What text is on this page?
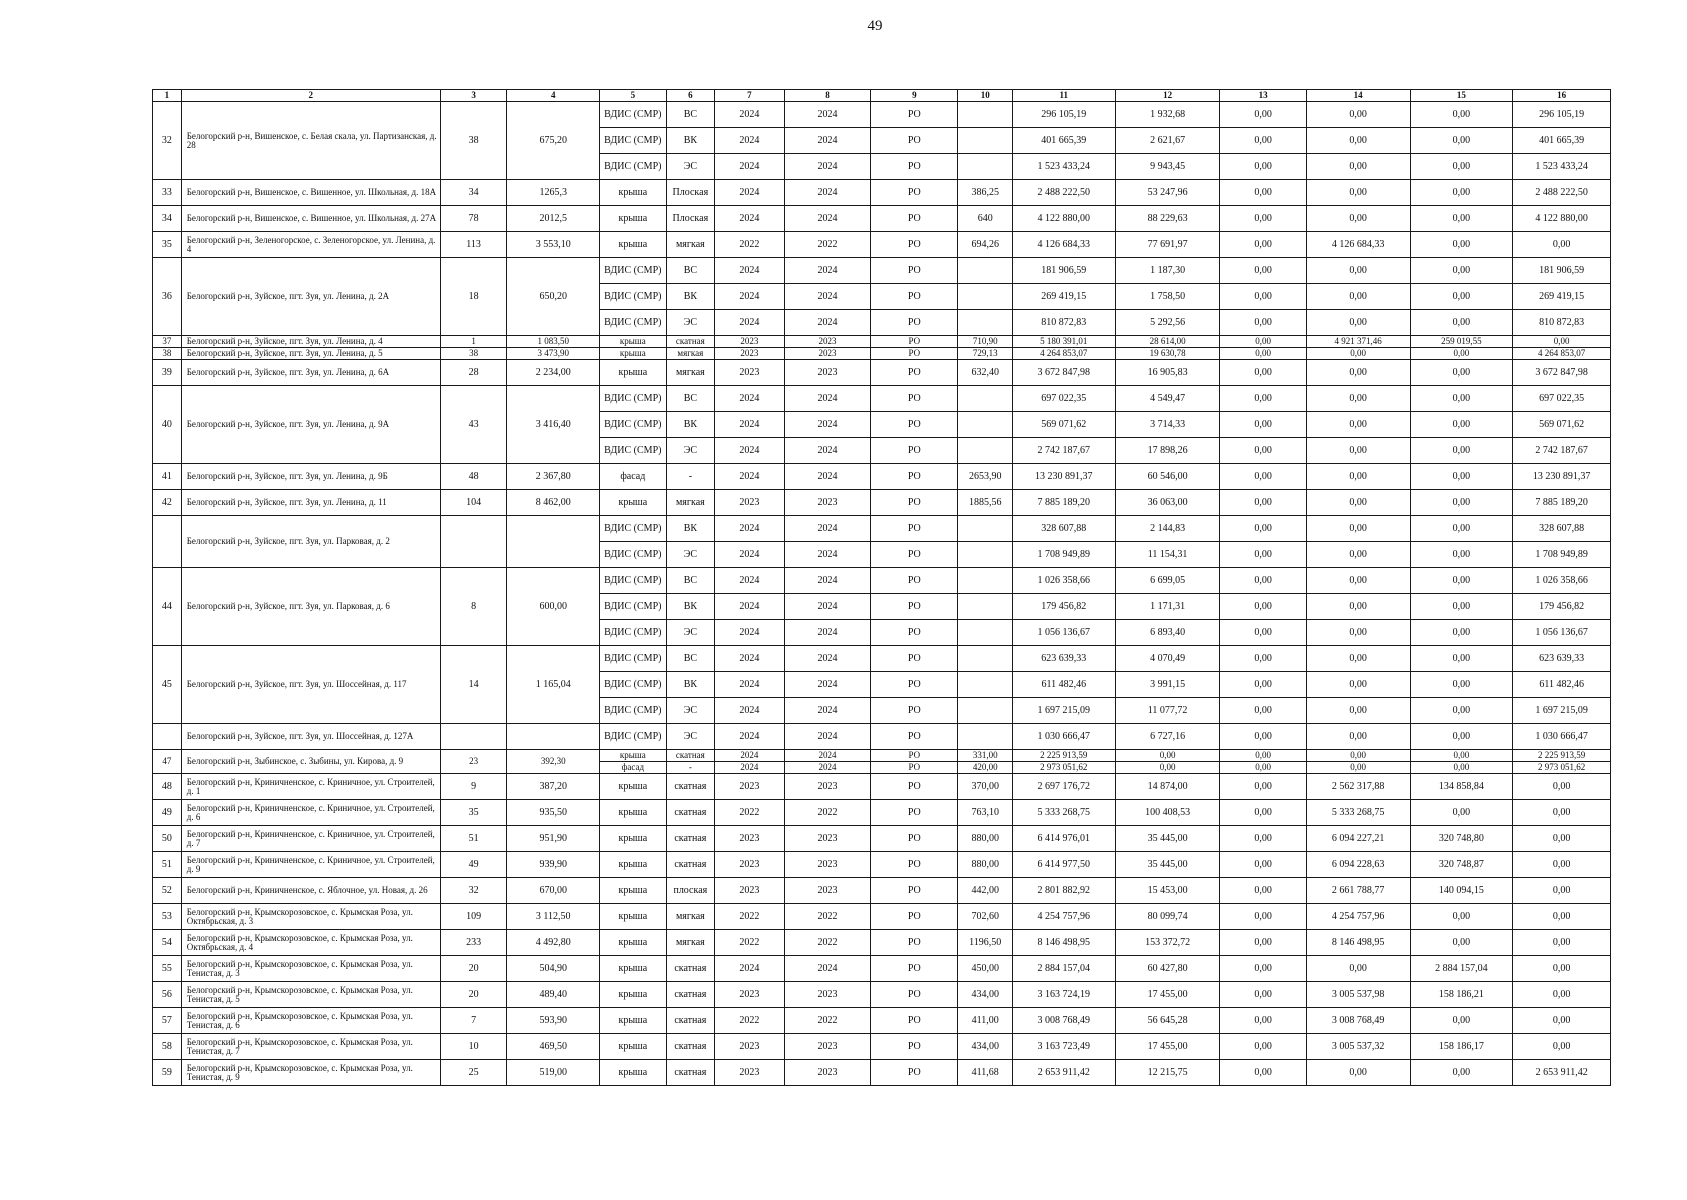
49
1	2	3	4	5	6	7	8	9	10	11	12	13	14	15	16
32	Белогорский р-н, Вишенское, с. Белая скала, ул. Партизанская, д. 28	38	675,20	ВДИС (СМР)	ВС	2024	2024	РО		296 105,19	1 932,68	0,00	0,00	0,00	296 105,19
				ВДИС (СМР)	ВК	2024	2024	РО		401 665,39	2 621,67	0,00	0,00	0,00	401 665,39
				ВДИС (СМР)	ЭС	2024	2024	РО		1 523 433,24	9 943,45	0,00	0,00	0,00	1 523 433,24
33	Белогорский р-н, Вишенское, с. Вишенное, ул. Школьная, д. 18А	34	1265,3	крыша	Плоская	2024	2024	РО	386,25	2 488 222,50	53 247,96	0,00	0,00	0,00	2 488 222,50
34	Белогорский р-н, Вишенское, с. Вишенное, ул. Школьная, д. 27А	78	2012,5	крыша	Плоская	2024	2024	РО	640	4 122 880,00	88 229,63	0,00	0,00	0,00	4 122 880,00
35	Белогорский р-н, Зеленогорское, с. Зеленогорское, ул. Ленина, д. 4	113	3 553,10	крыша	мягкая	2022	2022	РО	694,26	4 126 684,33	77 691,97	0,00	4 126 684,33	0,00	0,00
36	Белогорский р-н, Зуйское, пгт. Зуя, ул. Ленина, д. 2А	18	650,20	ВДИС (СМР)	ВС	2024	2024	РО		181 906,59	1 187,30	0,00	0,00	0,00	181 906,59
				ВДИС (СМР)	ВК	2024	2024	РО		269 419,15	1 758,50	0,00	0,00	0,00	269 419,15
				ВДИС (СМР)	ЭС	2024	2024	РО		810 872,83	5 292,56	0,00	0,00	0,00	810 872,83
37	Белогорский р-н, Зуйское, пгт. Зуя, ул. Ленина, д. 4	1	1 083,50	крыша	скатная	2023	2023	РО	710,90	5 180 391,01	28 614,00	0,00	4 921 371,46	259 019,55	0,00
38	Белогорский р-н, Зуйское, пгт. Зуя, ул. Ленина, д. 5	38	3 473,90	крыша	мягкая	2023	2023	РО	729,13	4 264 853,07	19 630,78	0,00	0,00	0,00	4 264 853,07
39	Белогорский р-н, Зуйское, пгт. Зуя, ул. Ленина, д. 6А	28	2 234,00	крыша	мягкая	2023	2023	РО	632,40	3 672 847,98	16 905,83	0,00	0,00	0,00	3 672 847,98
40	Белогорский р-н, Зуйское, пгт. Зуя, ул. Ленина, д. 9А	43	3 416,40	ВДИС (СМР)	ВС	2024	2024	РО		697 022,35	4 549,47	0,00	0,00	0,00	697 022,35
				ВДИС (СМР)	ВК	2024	2024	РО		569 071,62	3 714,33	0,00	0,00	0,00	569 071,62
				ВДИС (СМР)	ЭС	2024	2024	РО		2 742 187,67	17 898,26	0,00	0,00	0,00	2 742 187,67
41	Белогорский р-н, Зуйское, пгт. Зуя, ул. Ленина, д. 9Б	48	2 367,80	фасад	-	2024	2024	РО	2653,90	13 230 891,37	60 546,00	0,00	0,00	0,00	13 230 891,37
42	Белогорский р-н, Зуйское, пгт. Зуя, ул. Ленина, д. 11	104	8 462,00	крыша	мягкая	2023	2023	РО	1885,56	7 885 189,20	36 063,00	0,00	0,00	0,00	7 885 189,20
	Белогорский р-н, Зуйское, пгт. Зуя, ул. Парковая, д. 2			ВДИС (СМР)	ВК	2024	2024	РО		328 607,88	2 144,83	0,00	0,00	0,00	328 607,88
				ВДИС (СМР)	ЭС	2024	2024	РО		1 708 949,89	11 154,31	0,00	0,00	0,00	1 708 949,89
44	Белогорский р-н, Зуйское, пгт. Зуя, ул. Парковая, д. 6	8	600,00	ВДИС (СМР)	ВС	2024	2024	РО		1 026 358,66	6 699,05	0,00	0,00	0,00	1 026 358,66
				ВДИС (СМР)	ВК	2024	2024	РО		179 456,82	1 171,31	0,00	0,00	0,00	179 456,82
				ВДИС (СМР)	ЭС	2024	2024	РО		1 056 136,67	6 893,40	0,00	0,00	0,00	1 056 136,67
45	Белогорский р-н, Зуйское, пгт. Зуя, ул. Шоссейная, д. 117	14	1 165,04	ВДИС (СМР)	ВС	2024	2024	РО		623 639,33	4 070,49	0,00	0,00	0,00	623 639,33
				ВДИС (СМР)	ВК	2024	2024	РО		611 482,46	3 991,15	0,00	0,00	0,00	611 482,46
				ВДИС (СМР)	ЭС	2024	2024	РО		1 697 215,09	11 077,72	0,00	0,00	0,00	1 697 215,09
	Белогорский р-н, Зуйское, пгт. Зуя, ул. Шоссейная, д. 127А			ВДИС (СМР)	ЭС	2024	2024	РО		1 030 666,47	6 727,16	0,00	0,00	0,00	1 030 666,47
47	Белогорский р-н, Зыбинское, с. Зыбины, ул. Кирова, д. 9	23	392,30	крыша	скатная	2024	2024	РО	331,00	2 225 913,59	0,00	0,00	0,00	0,00	2 225 913,59
				фасад	-	2024	2024	РО	420,00	2 973 051,62	0,00	0,00	0,00	0,00	2 973 051,62
48	Белогорский р-н, Криничненское, с. Криничное, ул. Строителей, д. 1	9	387,20	крыша	скатная	2023	2023	РО	370,00	2 697 176,72	14 874,00	0,00	2 562 317,88	134 858,84	0,00
49	Белогорский р-н, Криничненское, с. Криничное, ул. Строителей, д. 6	35	935,50	крыша	скатная	2022	2022	РО	763,10	5 333 268,75	100 408,53	0,00	5 333 268,75	0,00	0,00
50	Белогорский р-н, Криничненское, с. Криничное, ул. Строителей, д. 7	51	951,90	крыша	скатная	2023	2023	РО	880,00	6 414 976,01	35 445,00	0,00	6 094 227,21	320 748,80	0,00
51	Белогорский р-н, Криничненское, с. Криничное, ул. Строителей, д. 9	49	939,90	крыша	скатная	2023	2023	РО	880,00	6 414 977,50	35 445,00	0,00	6 094 228,63	320 748,87	0,00
52	Белогорский р-н, Криничненское, с. Яблочное, ул. Новая, д. 26	32	670,00	крыша	плоская	2023	2023	РО	442,00	2 801 882,92	15 453,00	0,00	2 661 788,77	140 094,15	0,00
53	Белогорский р-н, Крымскорозовское, с. Крымская Роза, ул. Октябрьская, д. 3	109	3 112,50	крыша	мягкая	2022	2022	РО	702,60	4 254 757,96	80 099,74	0,00	4 254 757,96	0,00	0,00
54	Белогорский р-н, Крымскорозовское, с. Крымская Роза, ул. Октябрьская, д. 4	233	4 492,80	крыша	мягкая	2022	2022	РО	1196,50	8 146 498,95	153 372,72	0,00	8 146 498,95	0,00	0,00
55	Белогорский р-н, Крымскорозовское, с. Крымская Роза, ул. Тенистая, д. 3	20	504,90	крыша	скатная	2024	2024	РО	450,00	2 884 157,04	60 427,80	0,00	0,00	2 884 157,04	0,00
56	Белогорский р-н, Крымскорозовское, с. Крымская Роза, ул. Тенистая, д. 5	20	489,40	крыша	скатная	2023	2023	РО	434,00	3 163 724,19	17 455,00	0,00	3 005 537,98	158 186,21	0,00
57	Белогорский р-н, Крымскорозовское, с. Крымская Роза, ул. Тенистая, д. 6	7	593,90	крыша	скатная	2022	2022	РО	411,00	3 008 768,49	56 645,28	0,00	3 008 768,49	0,00	0,00
58	Белогорский р-н, Крымскорозовское, с. Крымская Роза, ул. Тенистая, д. 7	10	469,50	крыша	скатная	2023	2023	РО	434,00	3 163 723,49	17 455,00	0,00	3 005 537,32	158 186,17	0,00
59	Белогорский р-н, Крымскорозовское, с. Крымская Роза, ул. Тенистая, д. 9	25	519,00	крыша	скатная	2023	2023	РО	411,68	2 653 911,42	12 215,75	0,00	0,00	0,00	2 653 911,42
